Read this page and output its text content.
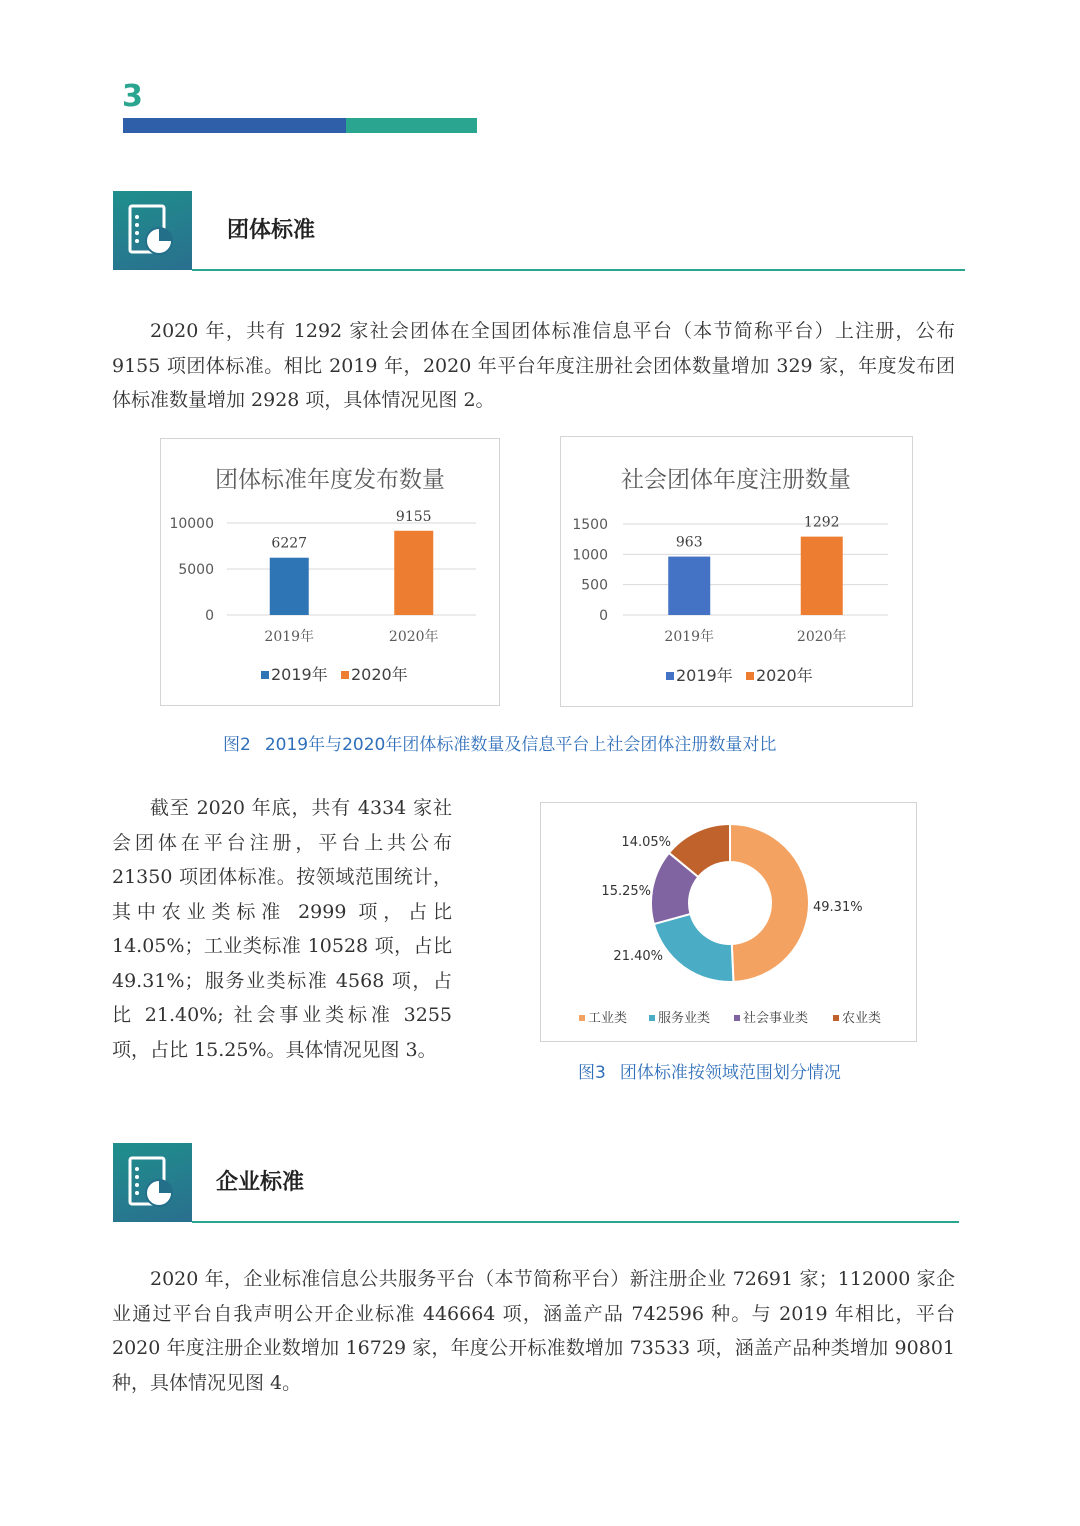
3
团体标准

2020 年，共有 1292 家社会团体在全国团体标准信息平台（本节简称平台）上注册，公布 9155 项团体标准。相比 2019 年，2020 年平台年度注册社会团体数量增加 329 家，年度发布团体标准数量增加 2928 项，具体情况见图 2。

团体标准年度发布数量
0
5000
10000
6227
2019年
9155
2020年
2019年 2020年
社会团体年度注册数量
0
500
1000
1500
963
2019年
1292
2020年
2019年 2020年
图2 2019年与2020年团体标准数量及信息平台上社会团体注册数量对比

截至 2020 年底，共有 4334 家社会团体在平台注册，平台上共公布 21350 项团体标准。按领域范围统计，其中农业类标准 2999 项，占比 14.05%；工业类标准 10528 项，占比 49.31%；服务业类标准 4568 项，占比 21.40%; 社会事业类标准 3255 项，占比 15.25%。具体情况见图 3。

49.31%
21.40%
15.25%
14.05%
工业类 服务业类	社会事业类	农业类
图3 团体标准按领域范围划分情况
企业标准

2020 年，企业标准信息公共服务平台（本节简称平台）新注册企业 72691 家；112000 家企业通过平台自我声明公开企业标准 446664 项，涵盖产品 742596 种。与 2019 年相比，平台 2020 年度注册企业数增加 16729 家，年度公开标准数增加 73533 项，涵盖产品种类增加 90801 种，具体情况见图 4。
